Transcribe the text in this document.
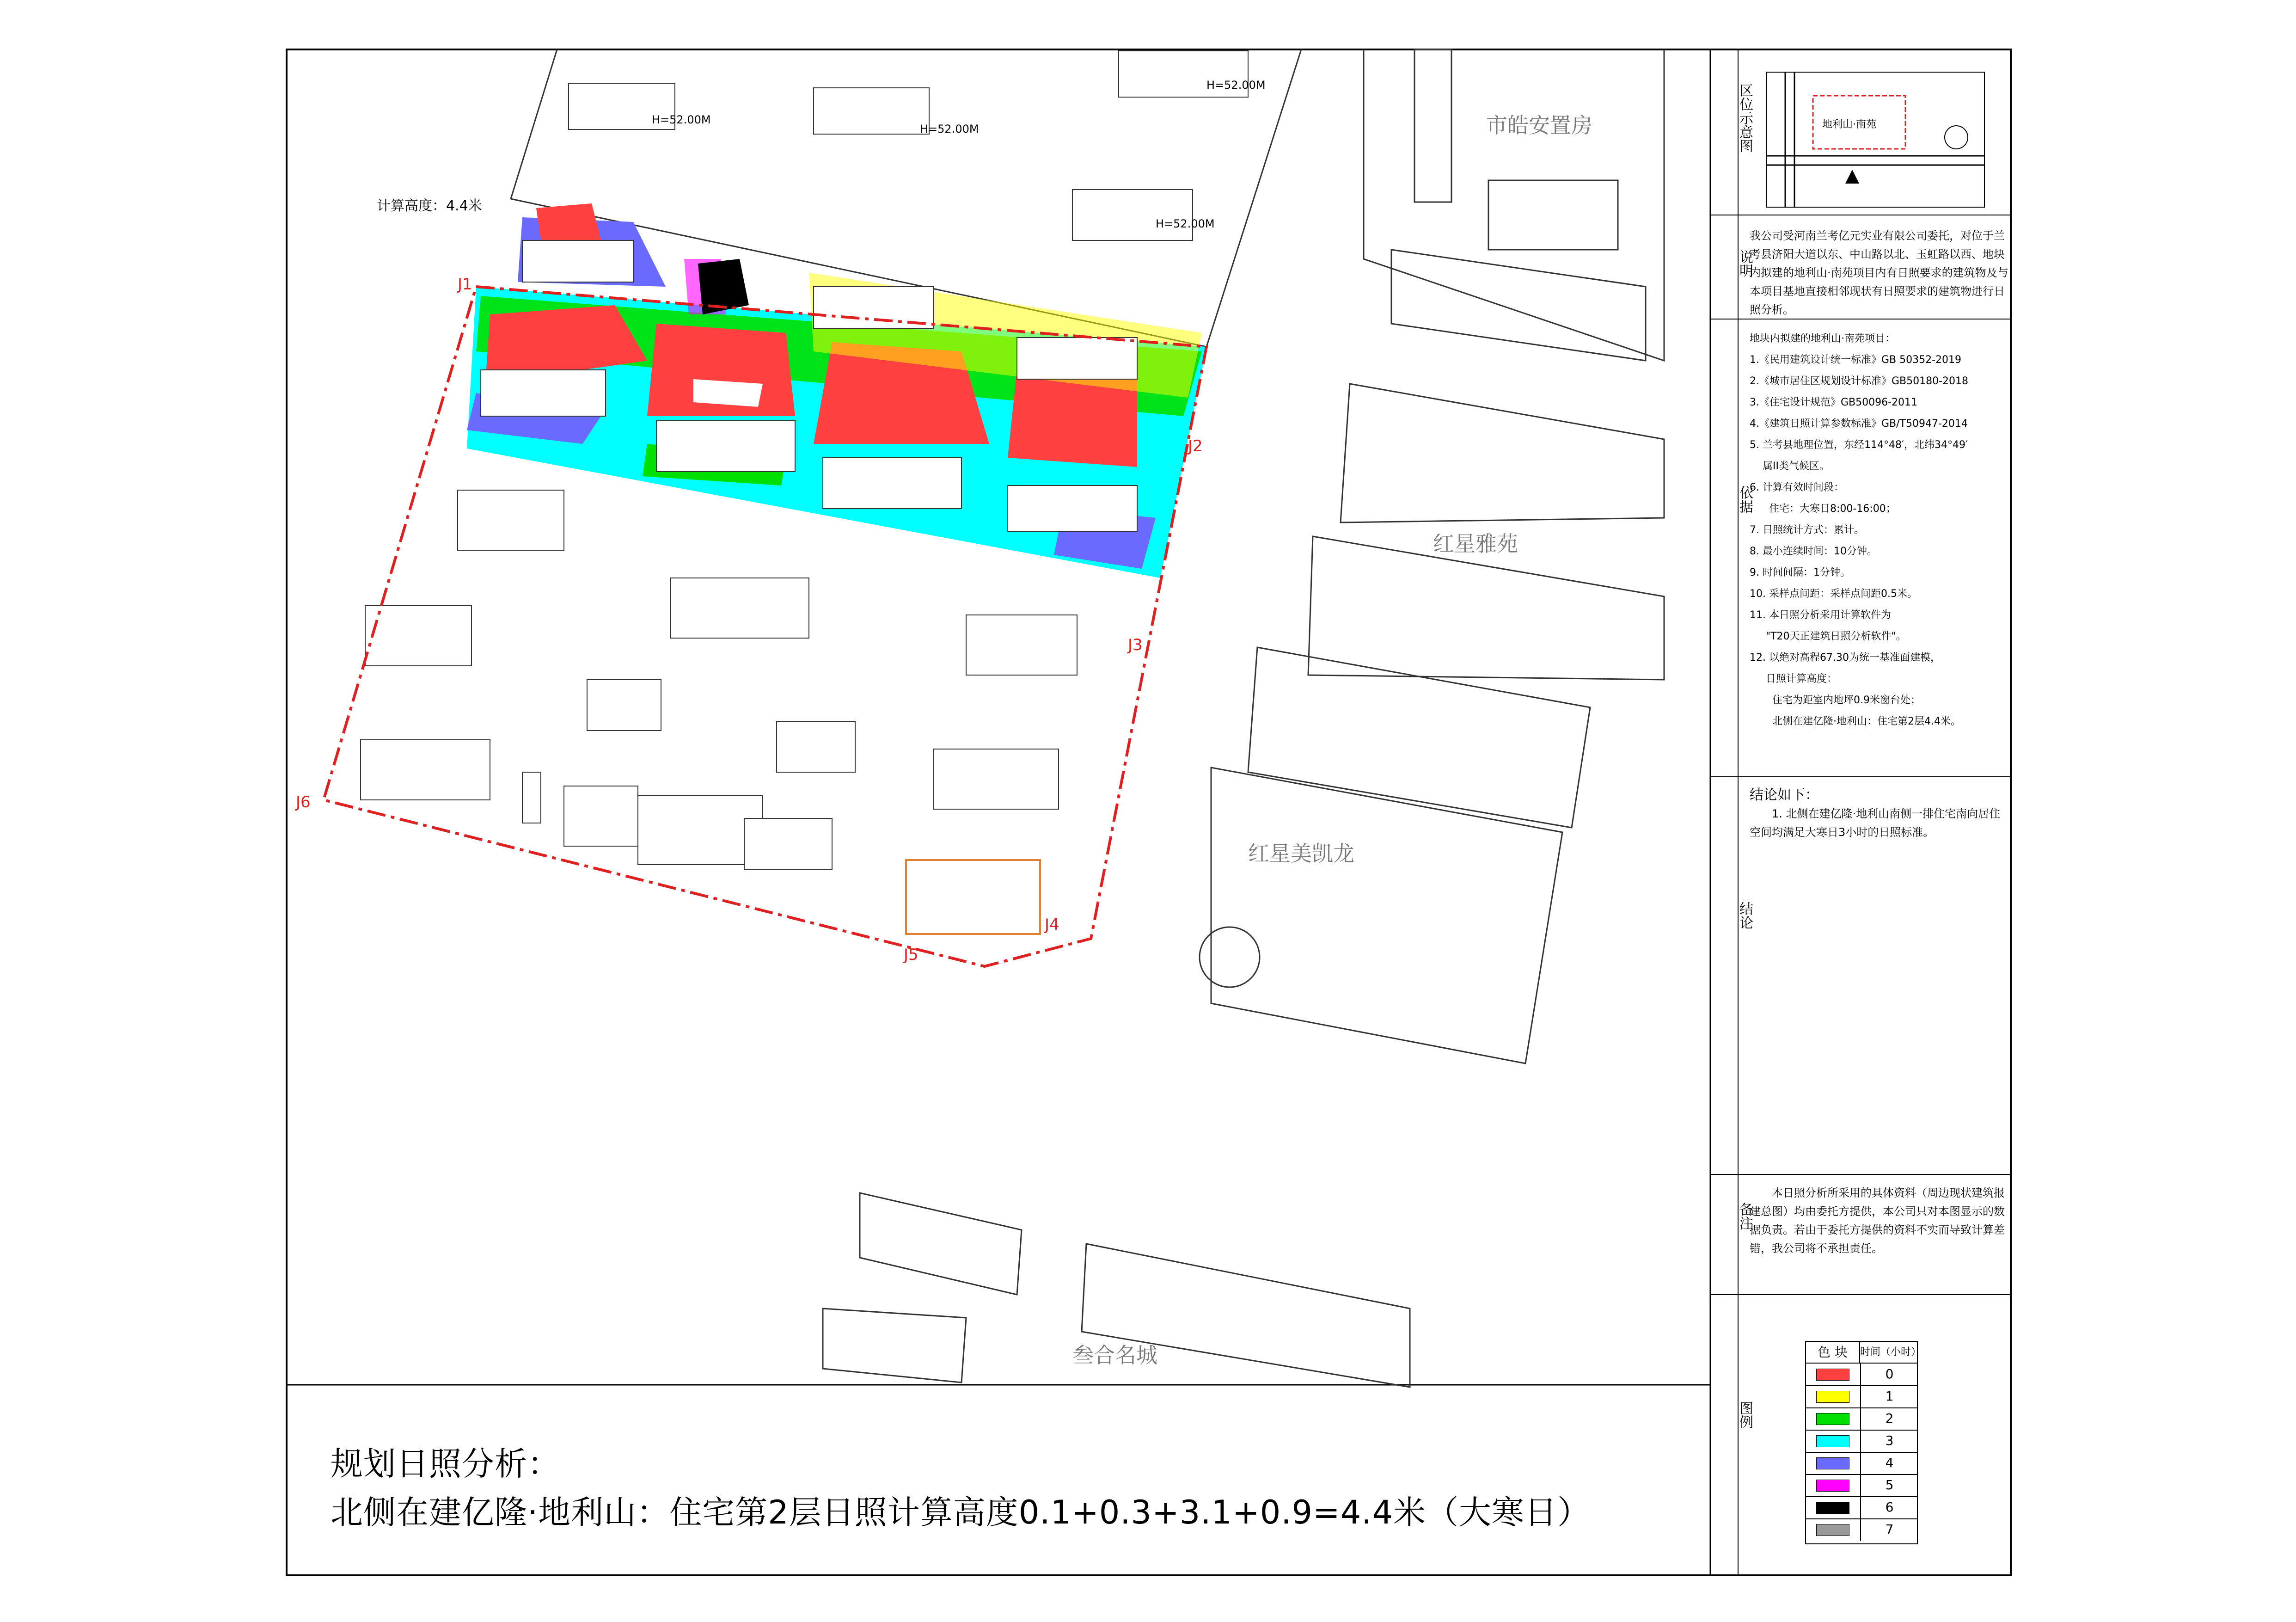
计算高度：4.4米
J1
J2
J3
J4
J5
J6
H=52.00M
H=52.00M
H=52.00M
H=52.00M
市皓安置房
红星雅苑
红星美凯龙
叁合名城
规划日照分析：
北侧在建亿隆·地利山：住宅第2层日照计算高度0.1+0.3+3.1+0.9=4.4米（大寒日）
区位示意图	地利山·南苑
说明
我公司受河南兰考亿元实业有限公司委托，对位于兰考县济阳大道以东、中山路以北、玉虹路以西、地块内拟建的地利山·南苑项目内有日照要求的建筑物及与本项目基地直接相邻现状有日照要求的建筑物进行日照分析。
依据

地块内拟建的地利山·南苑项目：

1.《民用建筑设计统一标准》GB 50352-2019

2.《城市居住区规划设计标准》GB50180-2018

3.《住宅设计规范》GB50096-2011

4.《建筑日照计算参数标准》GB/T50947-2014

5. 兰考县地理位置，东经114°48′，北纬34°49′

属II类气候区。

6. 计算有效时间段：

住宅：大寒日8:00-16:00；

7. 日照统计方式：累计。

8. 最小连续时间：10分钟。

9. 时间间隔：1分钟。

10. 采样点间距：采样点间距0.5米。

11. 本日照分析采用计算软件为

"T20天正建筑日照分析软件"。

12. 以绝对高程67.30为统一基准面建模，

日照计算高度：

住宅为距室内地坪0.9米窗台处；

北侧在建亿隆·地利山：住宅第2层4.4米。

结论

结论如下：

1. 北侧在建亿隆·地利山南侧一排住宅南向居住空间均满足大寒日3小时的日照标准。

备注
本日照分析所采用的具体资料（周边现状建筑报建总图）均由委托方提供，本公司只对本图显示的数据负责。若由于委托方提供的资料不实而导致计算差错，我公司将不承担责任。
图例
色 块	时间（小时）
0
1
2
3
4
5
6
7
